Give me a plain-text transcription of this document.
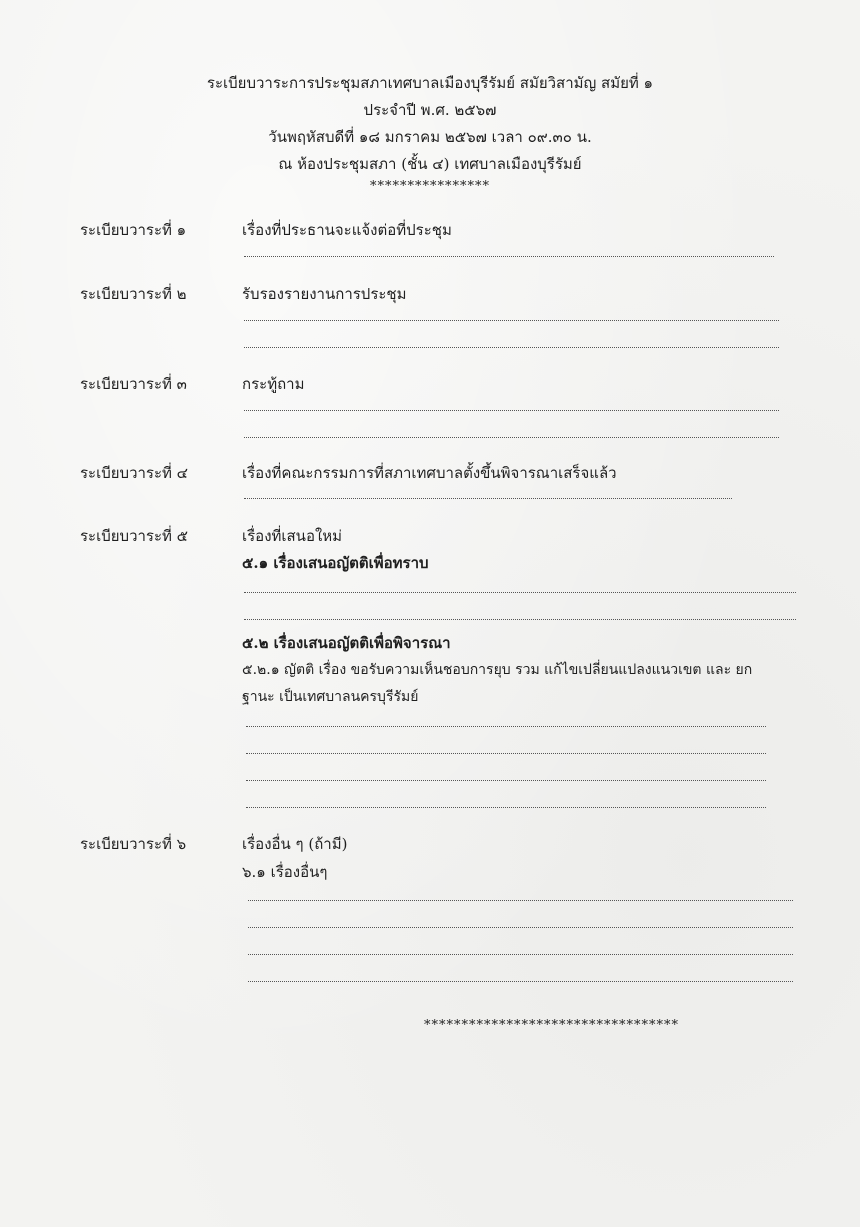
ระเบียบวาระการประชุมสภาเทศบาลเมืองบุรีรัมย์ สมัยวิสามัญ สมัยที่ ๑
ประจำปี พ.ศ. ๒๕๖๗
วันพฤหัสบดีที่ ๑๘ มกราคม ๒๕๖๗ เวลา ๐๙.๓๐ น.
ณ ห้องประชุมสภา (ชั้น ๔) เทศบาลเมืองบุรีรัมย์
****************
ระเบียบวาระที่ ๑	เรื่องที่ประธานจะแจ้งต่อที่ประชุม
ระเบียบวาระที่ ๒	รับรองรายงานการประชุม
ระเบียบวาระที่ ๓	กระทู้ถาม
ระเบียบวาระที่ ๔	เรื่องที่คณะกรรมการที่สภาเทศบาลตั้งขึ้นพิจารณาเสร็จแล้ว
ระเบียบวาระที่ ๕	เรื่องที่เสนอใหม่
๕.๑ เรื่องเสนอญัตติเพื่อทราบ
๕.๒ เรื่องเสนอญัตติเพื่อพิจารณา
๕.๒.๑ ญัตติ เรื่อง ขอรับความเห็นชอบการยุบ รวม แก้ไขเปลี่ยนแปลงแนวเขต และ ยกฐานะ เป็นเทศบาลนครบุรีรัมย์
ระเบียบวาระที่ ๖	เรื่องอื่น ๆ (ถ้ามี)
๖.๑ เรื่องอื่นๆ
**********************************
